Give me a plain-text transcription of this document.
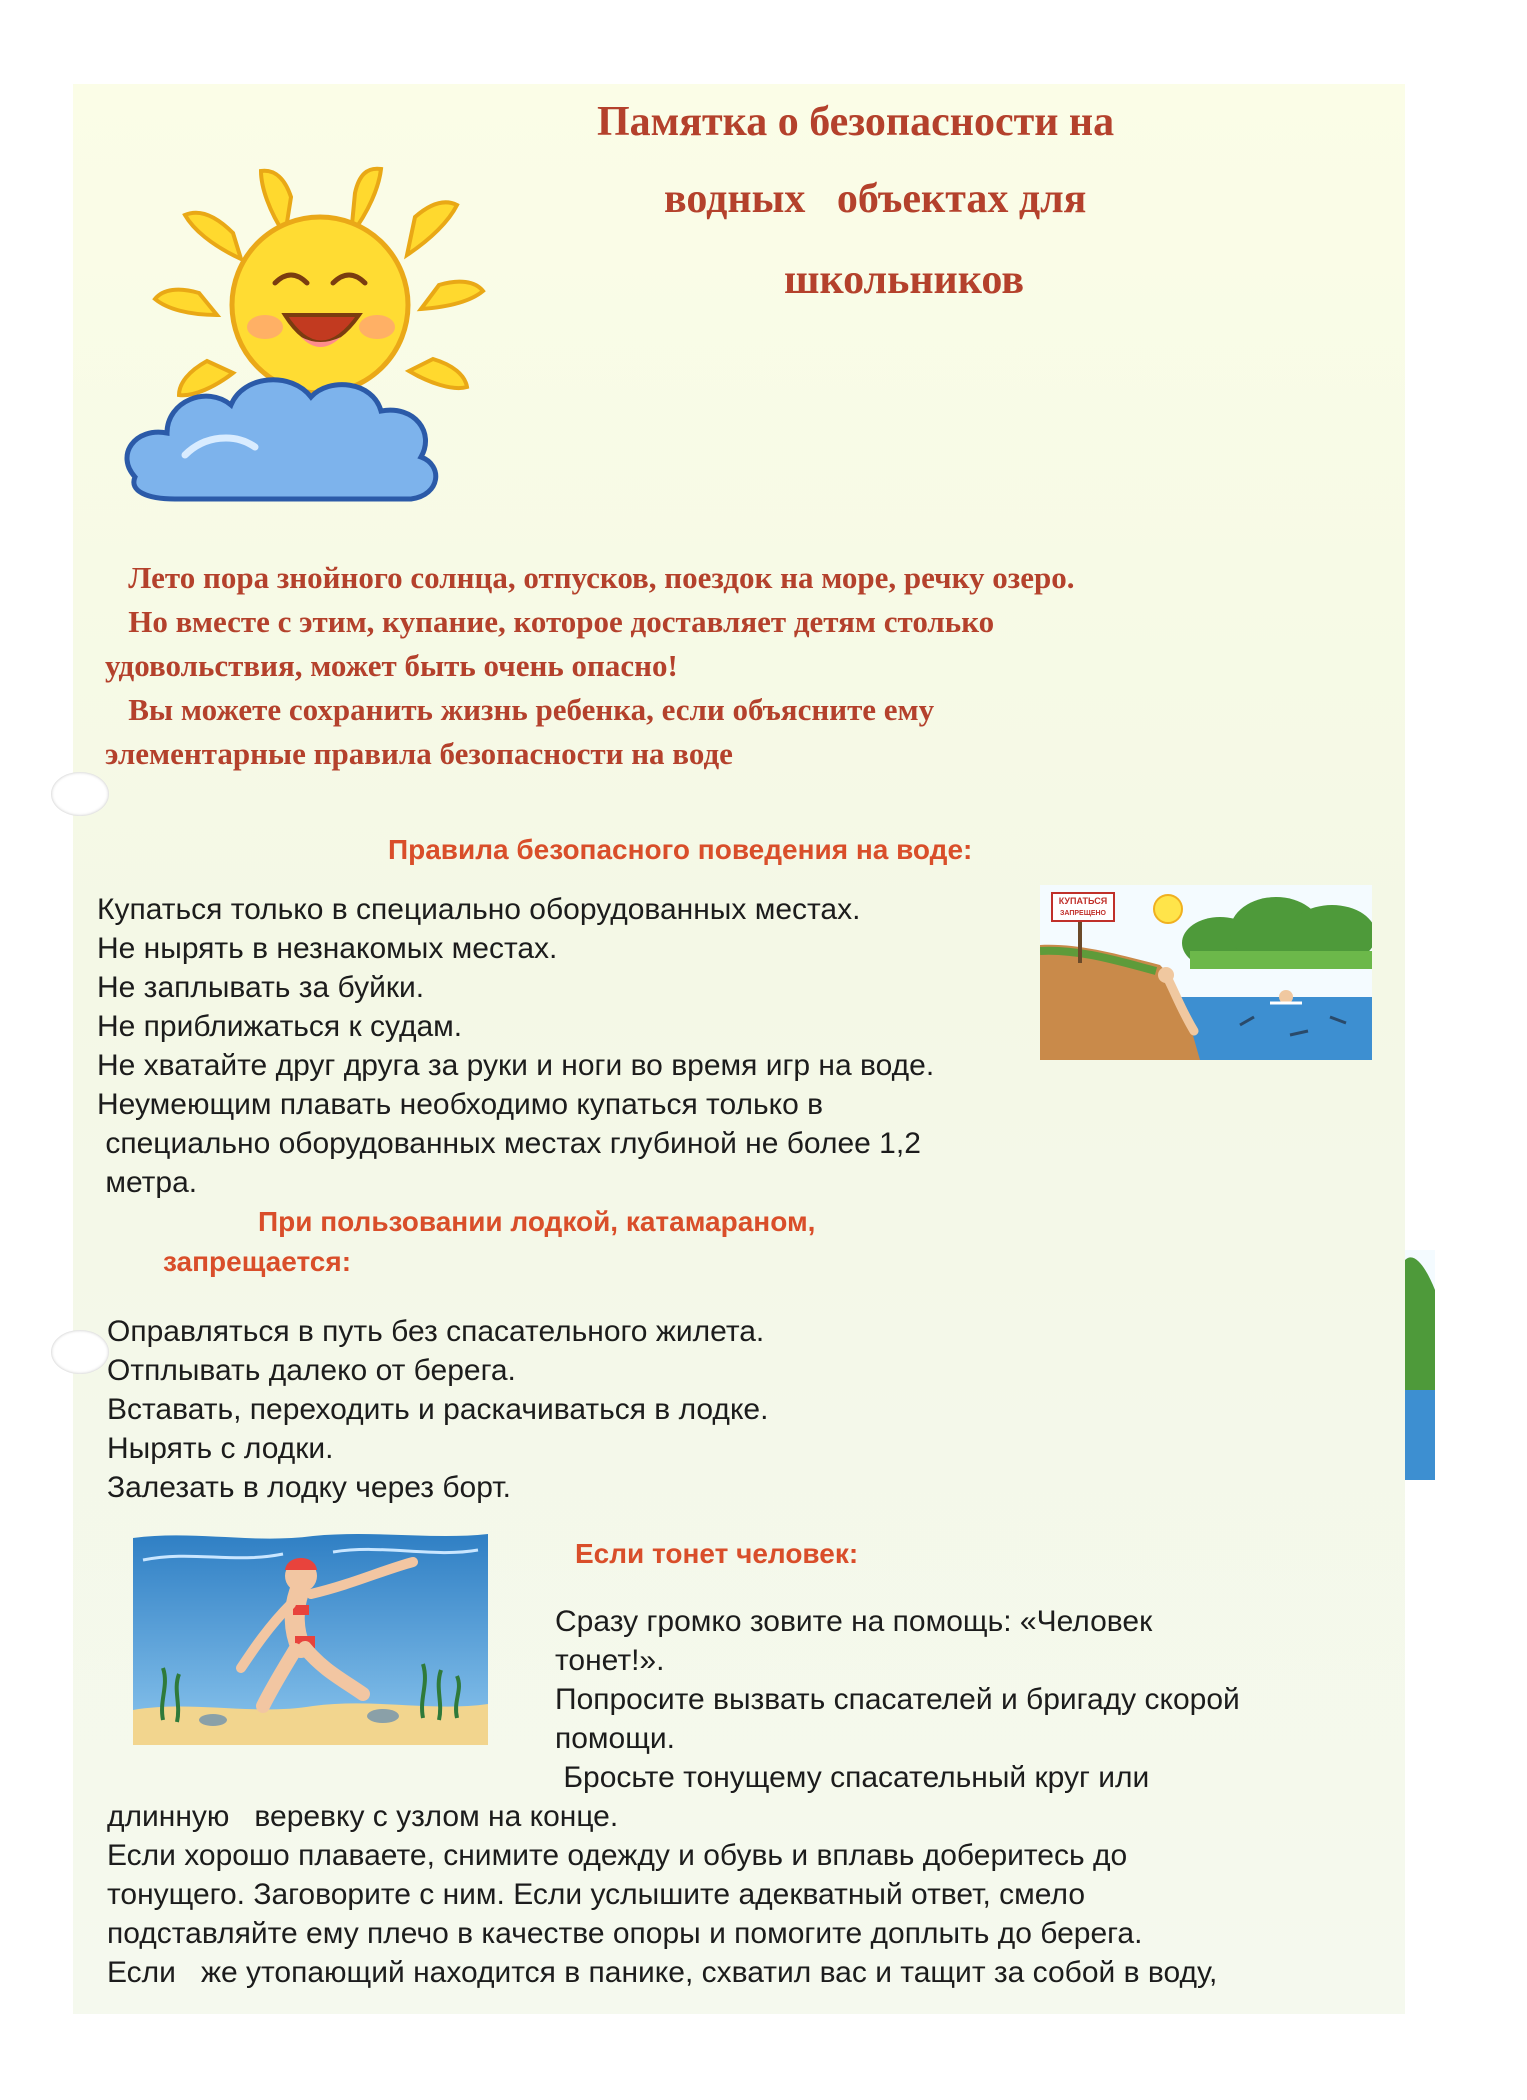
Памятка о безопасности на
водных   объектах для
школьников
Лето пора знойного солнца, отпусков, поездок на море, речку озеро.
Но вместе с этим, купание, которое доставляет детям столько
удовольствия, может быть очень опасно!
Вы можете сохранить жизнь ребенка, если объясните ему
элементарные правила безопасности на воде
Правила безопасного поведения на воде:
КУПАТЬСЯ
ЗАПРЕЩЕНО
Купаться только в специально оборудованных местах.
Не нырять в незнакомых местах.
Не заплывать за буйки.
Не приближаться к судам.
Не хватайте друг друга за руки и ноги во время игр на воде.
Неумеющим плавать необходимо купаться только в
специально оборудованных местах глубиной не более 1,2
метра.
При пользовании лодкой, катамараном,
запрещается:
Оправляться в путь без спасательного жилета.
Отплывать далеко от берега.
Вставать, переходить и раскачиваться в лодке.
Нырять с лодки.
Залезать в лодку через борт.
Если тонет человек:
Сразу громко зовите на помощь: «Человек
тонет!».
Попросите вызвать спасателей и бригаду скорой
помощи.
Бросьте тонущему спасательный круг или
длинную   веревку с узлом на конце.
Если хорошо плаваете, снимите одежду и обувь и вплавь доберитесь до
тонущего. Заговорите с ним. Если услышите адекватный ответ, смело
подставляйте ему плечо в качестве опоры и помогите доплыть до берега.
Если   же утопающий находится в панике, схватил вас и тащит за собой в воду,
